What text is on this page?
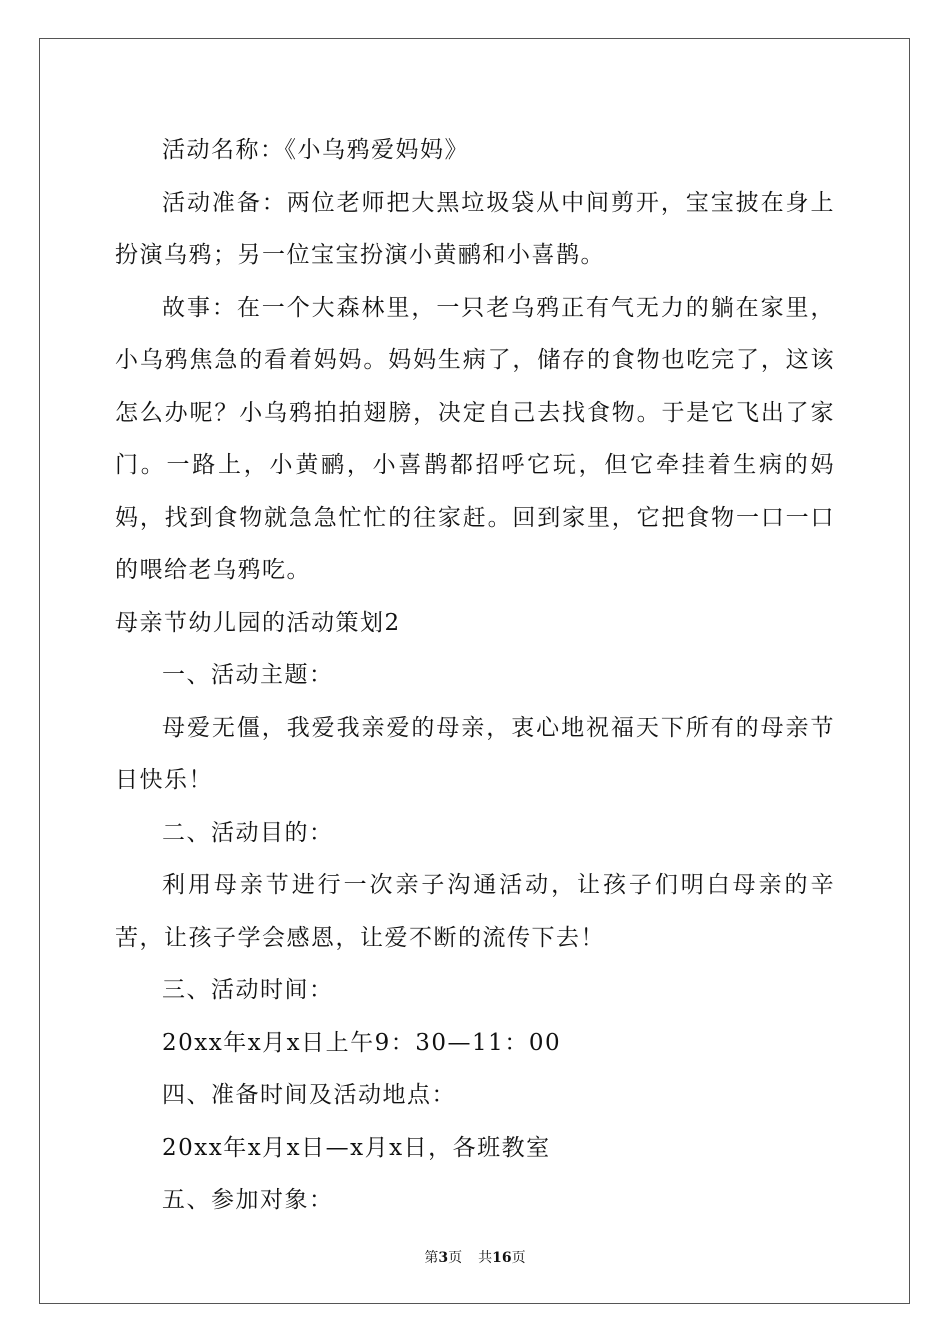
活动名称：《小乌鸦爱妈妈》

活动准备：两位老师把大黑垃圾袋从中间剪开，宝宝披在身上扮演乌鸦；另一位宝宝扮演小黄鹂和小喜鹊。

故事：在一个大森林里，一只老乌鸦正有气无力的躺在家里，小乌鸦焦急的看着妈妈。妈妈生病了，储存的食物也吃完了，这该怎么办呢？小乌鸦拍拍翅膀，决定自己去找食物。于是它飞出了家门。一路上，小黄鹂，小喜鹊都招呼它玩，但它牵挂着生病的妈妈，找到食物就急急忙忙的往家赶。回到家里，它把食物一口一口的喂给老乌鸦吃。

母亲节幼儿园的活动策划2

一、活动主题：

母爱无僵，我爱我亲爱的母亲，衷心地祝福天下所有的母亲节日快乐！

二、活动目的：

利用母亲节进行一次亲子沟通活动，让孩子们明白母亲的辛苦，让孩子学会感恩，让爱不断的流传下去！

三、活动时间：

20xx年x月x日上午9：30—11：00

四、准备时间及活动地点：

20xx年x月x日—x月x日，各班教室

五、参加对象：

第3页 共16页
